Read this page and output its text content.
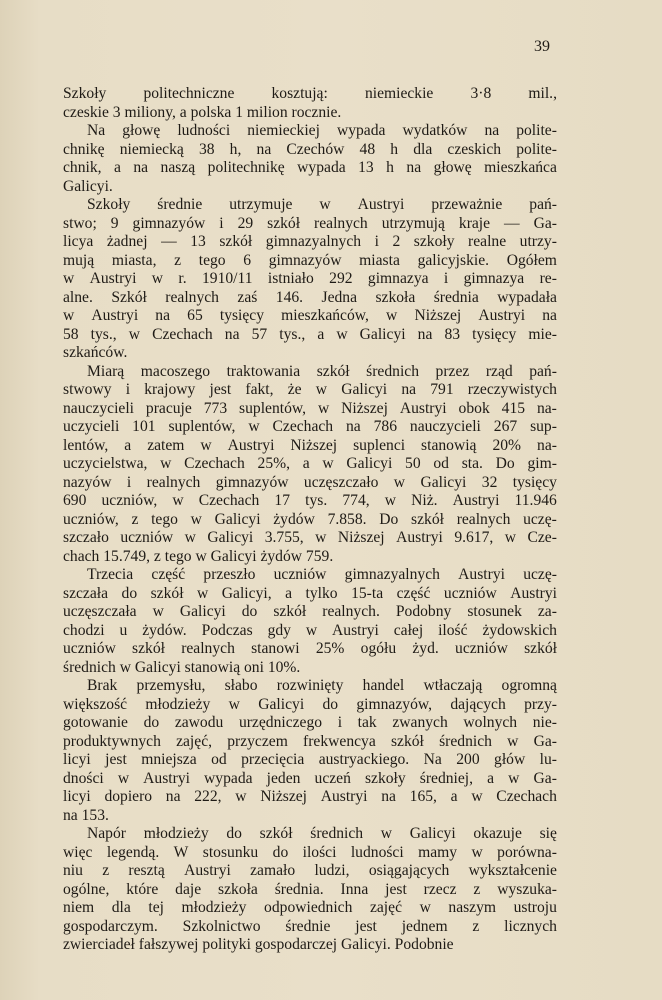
39
Szkoły politechniczne kosztują: niemieckie 3·8 mil.,
czeskie 3 miliony, a polska 1 milion rocznie.
Na głowę ludności niemieckiej wypada wydatków na polite-
chnikę niemiecką 38 h, na Czechów 48 h dla czeskich polite-
chnik, a na naszą politechnikę wypada 13 h na głowę mieszkańca
Galicyi.
Szkoły średnie utrzymuje w Austryi przeważnie pań-
stwo; 9 gimnazyów i 29 szkół realnych utrzymują kraje — Ga-
licya żadnej — 13 szkół gimnazyalnych i 2 szkoły realne utrzy-
mują miasta, z tego 6 gimnazyów miasta galicyjskie. Ogółem
w Austryi w r. 1910/11 istniało 292 gimnazya i gimnazya re-
alne. Szkół realnych zaś 146. Jedna szkoła średnia wypadała
w Austryi na 65 tysięcy mieszkańców, w Niższej Austryi na
58 tys., w Czechach na 57 tys., a w Galicyi na 83 tysięcy mie-
szkańców.
Miarą macoszego traktowania szkół średnich przez rząd pań-
stwowy i krajowy jest fakt, że w Galicyi na 791 rzeczywistych
nauczycieli pracuje 773 suplentów, w Niższej Austryi obok 415 na-
uczycieli 101 suplentów, w Czechach na 786 nauczycieli 267 sup-
lentów, a zatem w Austryi Niższej suplenci stanowią 20% na-
uczycielstwa, w Czechach 25%, a w Galicyi 50 od sta. Do gim-
nazyów i realnych gimnazyów uczęszczało w Galicyi 32 tysięcy
690 uczniów, w Czechach 17 tys. 774, w Niż. Austryi 11.946
uczniów, z tego w Galicyi żydów 7.858. Do szkół realnych uczę-
szczało uczniów w Galicyi 3.755, w Niższej Austryi 9.617, w Cze-
chach 15.749, z tego w Galicyi żydów 759.
Trzecia część przeszło uczniów gimnazyalnych Austryi uczę-
szczała do szkół w Galicyi, a tylko 15-ta część uczniów Austryi
uczęszczała w Galicyi do szkół realnych. Podobny stosunek za-
chodzi u żydów. Podczas gdy w Austryi całej ilość żydowskich
uczniów szkół realnych stanowi 25% ogółu żyd. uczniów szkół
średnich w Galicyi stanowią oni 10%.
Brak przemysłu, słabo rozwinięty handel wtłaczają ogromną
większość młodzieży w Galicyi do gimnazyów, dających przy-
gotowanie do zawodu urzędniczego i tak zwanych wolnych nie-
produktywnych zajęć, przyczem frekwencya szkół średnich w Ga-
licyi jest mniejsza od przecięcia austryackiego. Na 200 głów lu-
dności w Austryi wypada jeden uczeń szkoły średniej, a w Ga-
licyi dopiero na 222, w Niższej Austryi na 165, a w Czechach
na 153.
Napór młodzieży do szkół średnich w Galicyi okazuje się
więc legendą. W stosunku do ilości ludności mamy w porówna-
niu z resztą Austryi zamało ludzi, osiągających wykształcenie
ogólne, które daje szkoła średnia. Inna jest rzecz z wyszuka-
niem dla tej młodzieży odpowiednich zajęć w naszym ustroju
gospodarczym. Szkolnictwo średnie jest jednem z licznych
zwierciadeł fałszywej polityki gospodarczej Galicyi. Podobnie
